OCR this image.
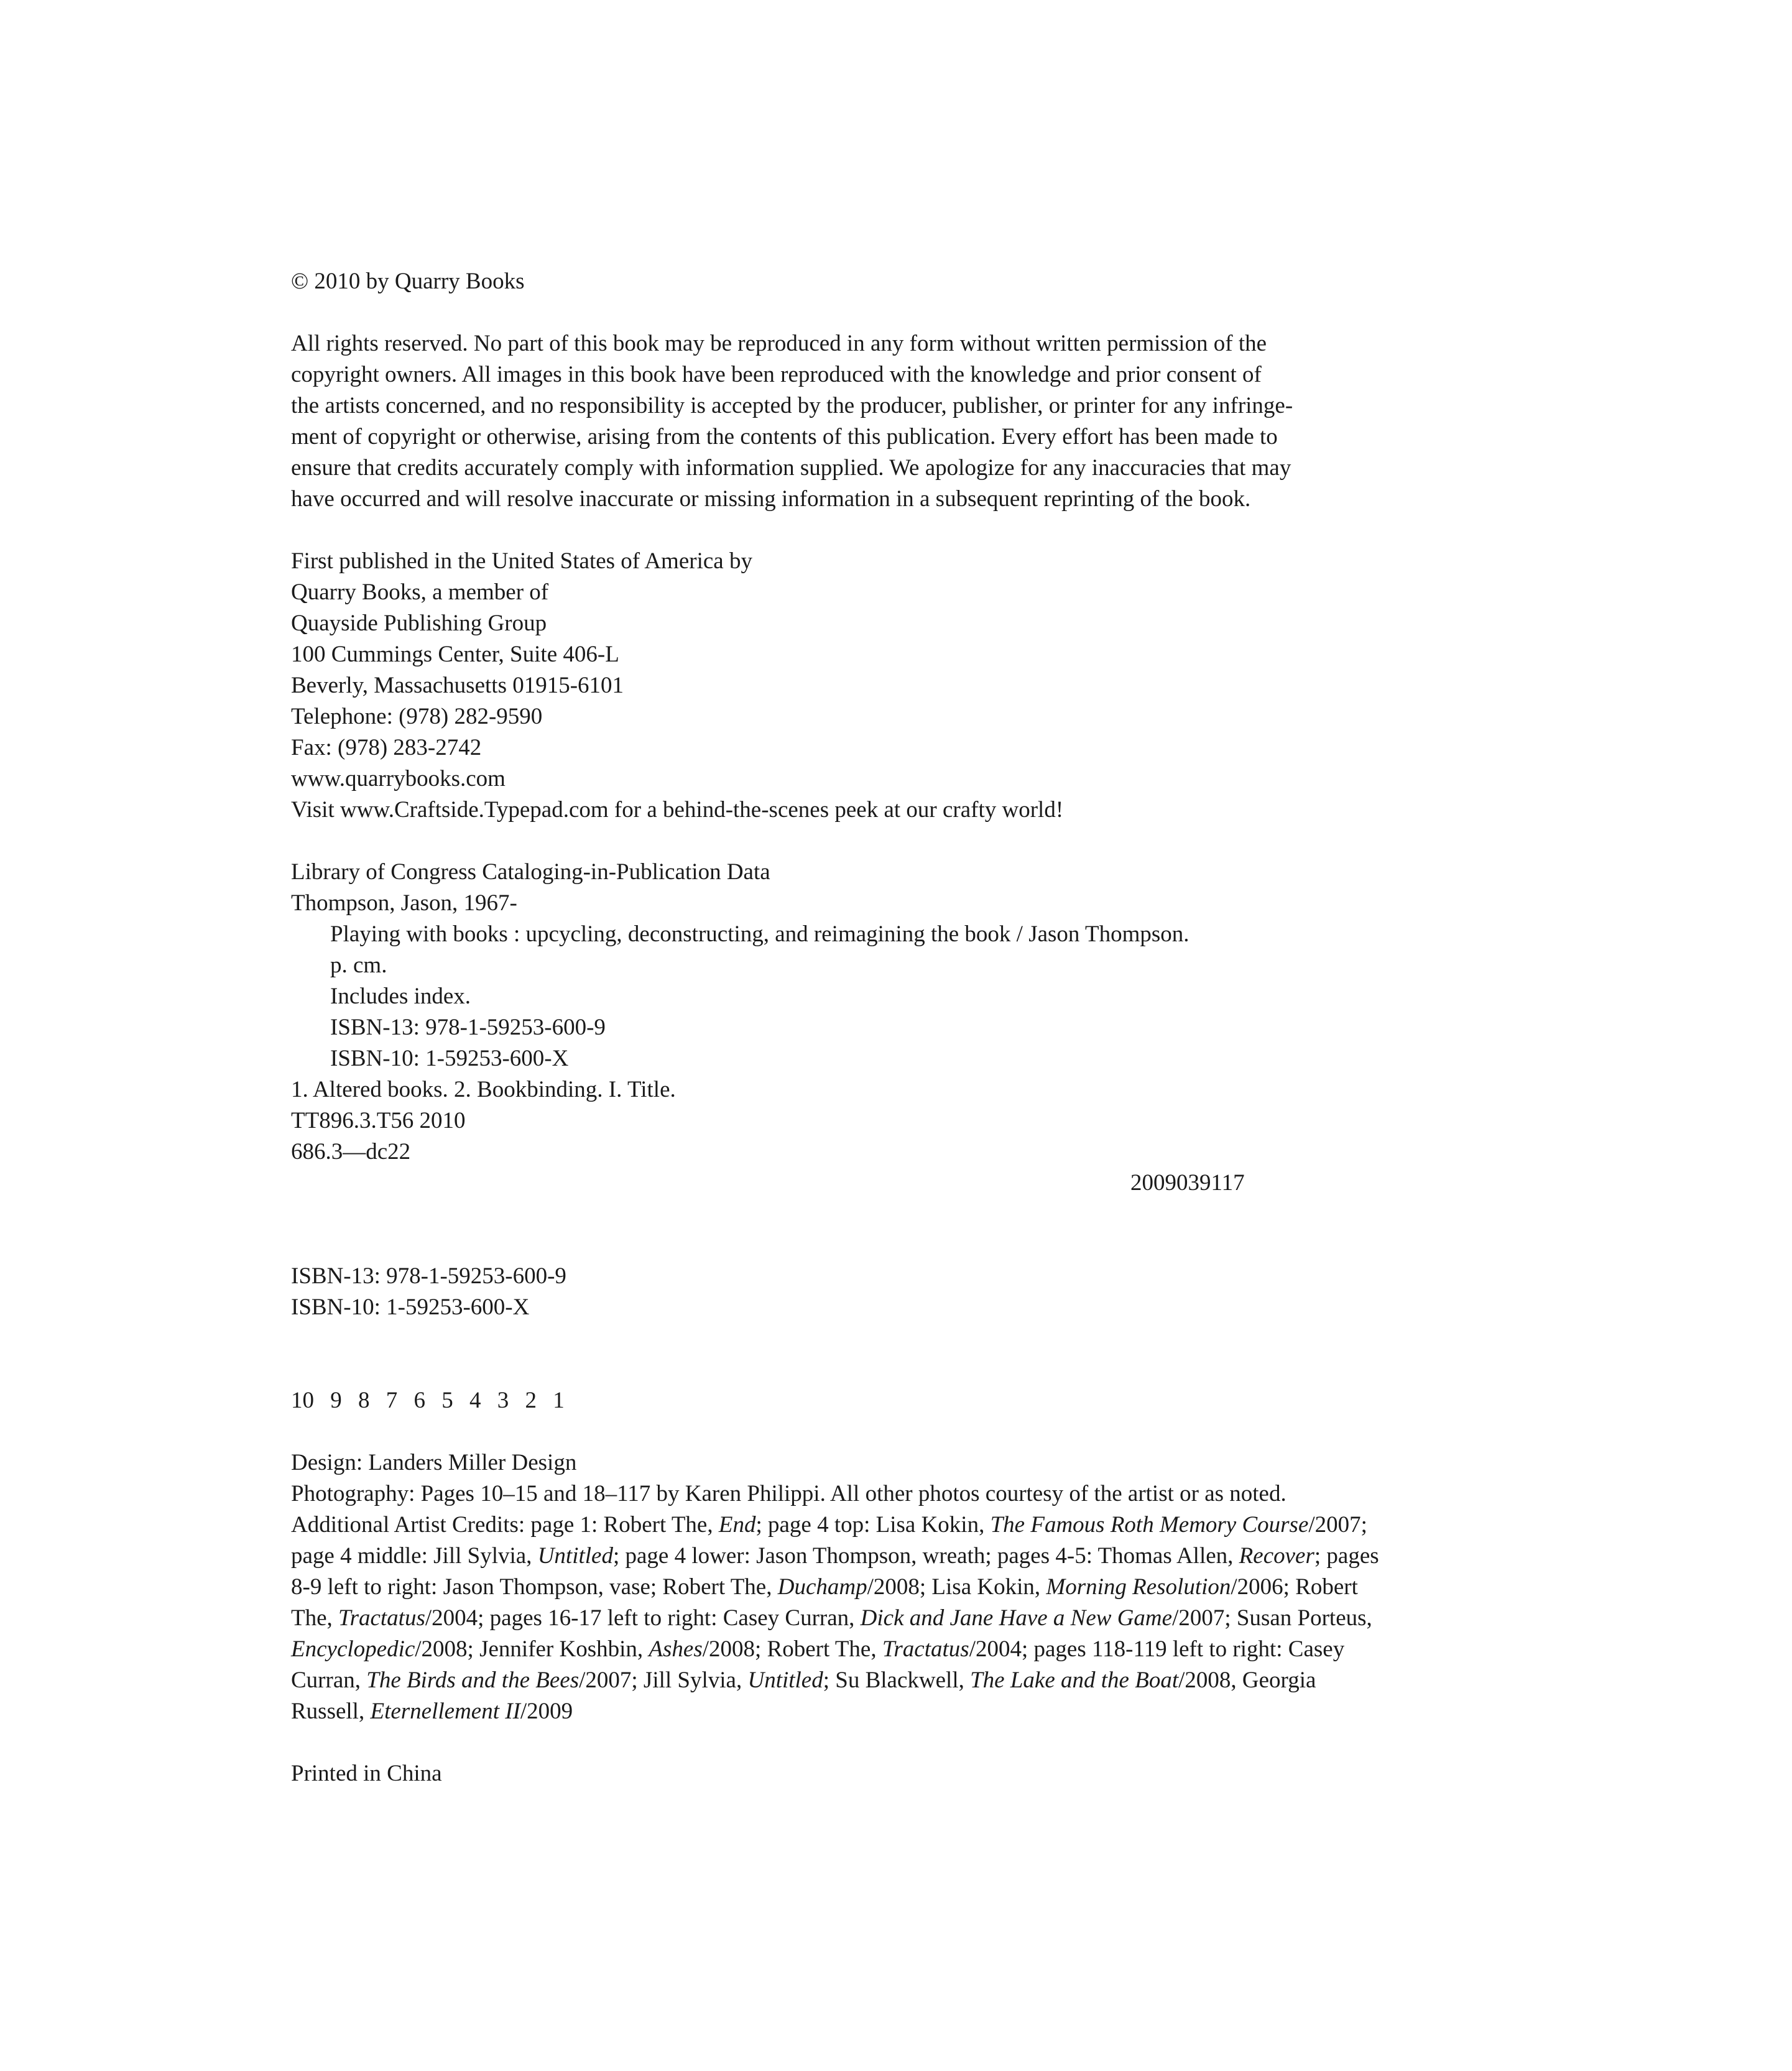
© 2010 by Quarry Books
All rights reserved. No part of this book may be reproduced in any form without written permission of the
copyright owners. All images in this book have been reproduced with the knowledge and prior consent of
the artists concerned, and no responsibility is accepted by the producer, publisher, or printer for any infringe-
ment of copyright or otherwise, arising from the contents of this publication. Every effort has been made to
ensure that credits accurately comply with information supplied. We apologize for any inaccuracies that may
have occurred and will resolve inaccurate or missing information in a subsequent reprinting of the book.
First published in the United States of America by
Quarry Books, a member of
Quayside Publishing Group
100 Cummings Center, Suite 406-L
Beverly, Massachusetts 01915-6101
Telephone: (978) 282-9590
Fax: (978) 283-2742
www.quarrybooks.com
Visit www.Craftside.Typepad.com for a behind-the-scenes peek at our crafty world!
Library of Congress Cataloging-in-Publication Data
Thompson, Jason, 1967-
Playing with books : upcycling, deconstructing, and reimagining the book / Jason Thompson.
p. cm.
Includes index.
ISBN-13: 978-1-59253-600-9
ISBN-10: 1-59253-600-X
1. Altered books. 2. Bookbinding. I. Title.
TT896.3.T56 2010
686.3—dc22
2009039117
ISBN-13: 978-1-59253-600-9
ISBN-10: 1-59253-600-X
10 9 8 7 6 5 4 3 2 1
Design: Landers Miller Design
Photography: Pages 10–15 and 18–117 by Karen Philippi. All other photos courtesy of the artist or as noted.
Additional Artist Credits: page 1: Robert The, End; page 4 top: Lisa Kokin, The Famous Roth Memory Course/2007; page 4 middle: Jill Sylvia, Untitled; page 4 lower: Jason Thompson, wreath; pages 4-5: Thomas Allen, Recover; pages 8-9 left to right: Jason Thompson, vase; Robert The, Duchamp/2008; Lisa Kokin, Morning Resolution/2006; Robert The, Tractatus/2004; pages 16-17 left to right: Casey Curran, Dick and Jane Have a New Game/2007; Susan Porteus, Encyclopedic/2008; Jennifer Koshbin, Ashes/2008; Robert The, Tractatus/2004; pages 118-119 left to right: Casey Curran, The Birds and the Bees/2007; Jill Sylvia, Untitled; Su Blackwell, The Lake and the Boat/2008, Georgia Russell, Eternellement II/2009
Printed in China
